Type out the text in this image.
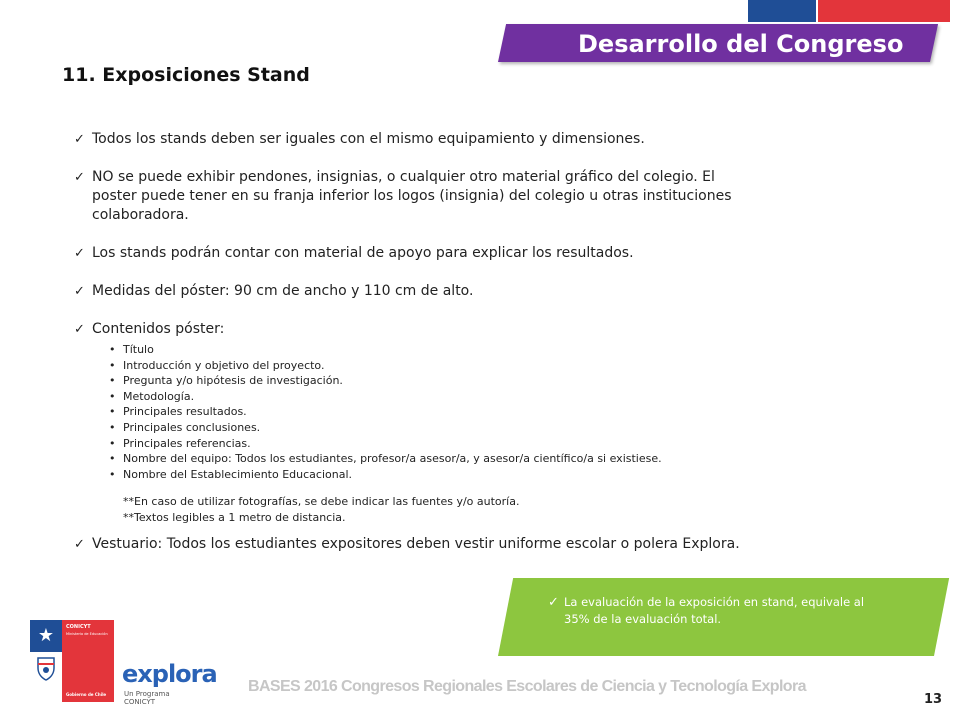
Desarrollo del Congreso
11. Exposiciones Stand
✓ Todos los stands deben ser iguales con el mismo equipamiento y dimensiones.
✓ NO se puede exhibir pendones, insignias, o cualquier otro material gráfico del colegio. El
poster puede tener en su franja inferior los logos (insignia) del colegio u otras instituciones
colaboradora.
✓ Los stands podrán contar con material de apoyo para explicar los resultados.
✓ Medidas del póster: 90 cm de ancho y 110 cm de alto.
✓ Contenidos póster:
• Título
• Introducción y objetivo del proyecto.
• Pregunta y/o hipótesis de investigación.
• Metodología.
• Principales resultados.
• Principales conclusiones.
• Principales referencias.
• Nombre del equipo: Todos los estudiantes, profesor/a asesor/a, y asesor/a científico/a si existiese.
• Nombre del Establecimiento Educacional.
**En caso de utilizar fotografías, se debe indicar las fuentes y/o autoría.
**Textos legibles a 1 metro de distancia.
✓ Vestuario: Todos los estudiantes expositores deben vestir uniforme escolar o polera Explora.
✓ La evaluación de la exposición en stand, equivale al
35% de la evaluación total.
★	CONICYT
Ministerio de Educación
Gobierno de Chile
explora
Un Programa CONICYT
BASES 2016 Congresos Regionales Escolares de Ciencia y Tecnología Explora
13
